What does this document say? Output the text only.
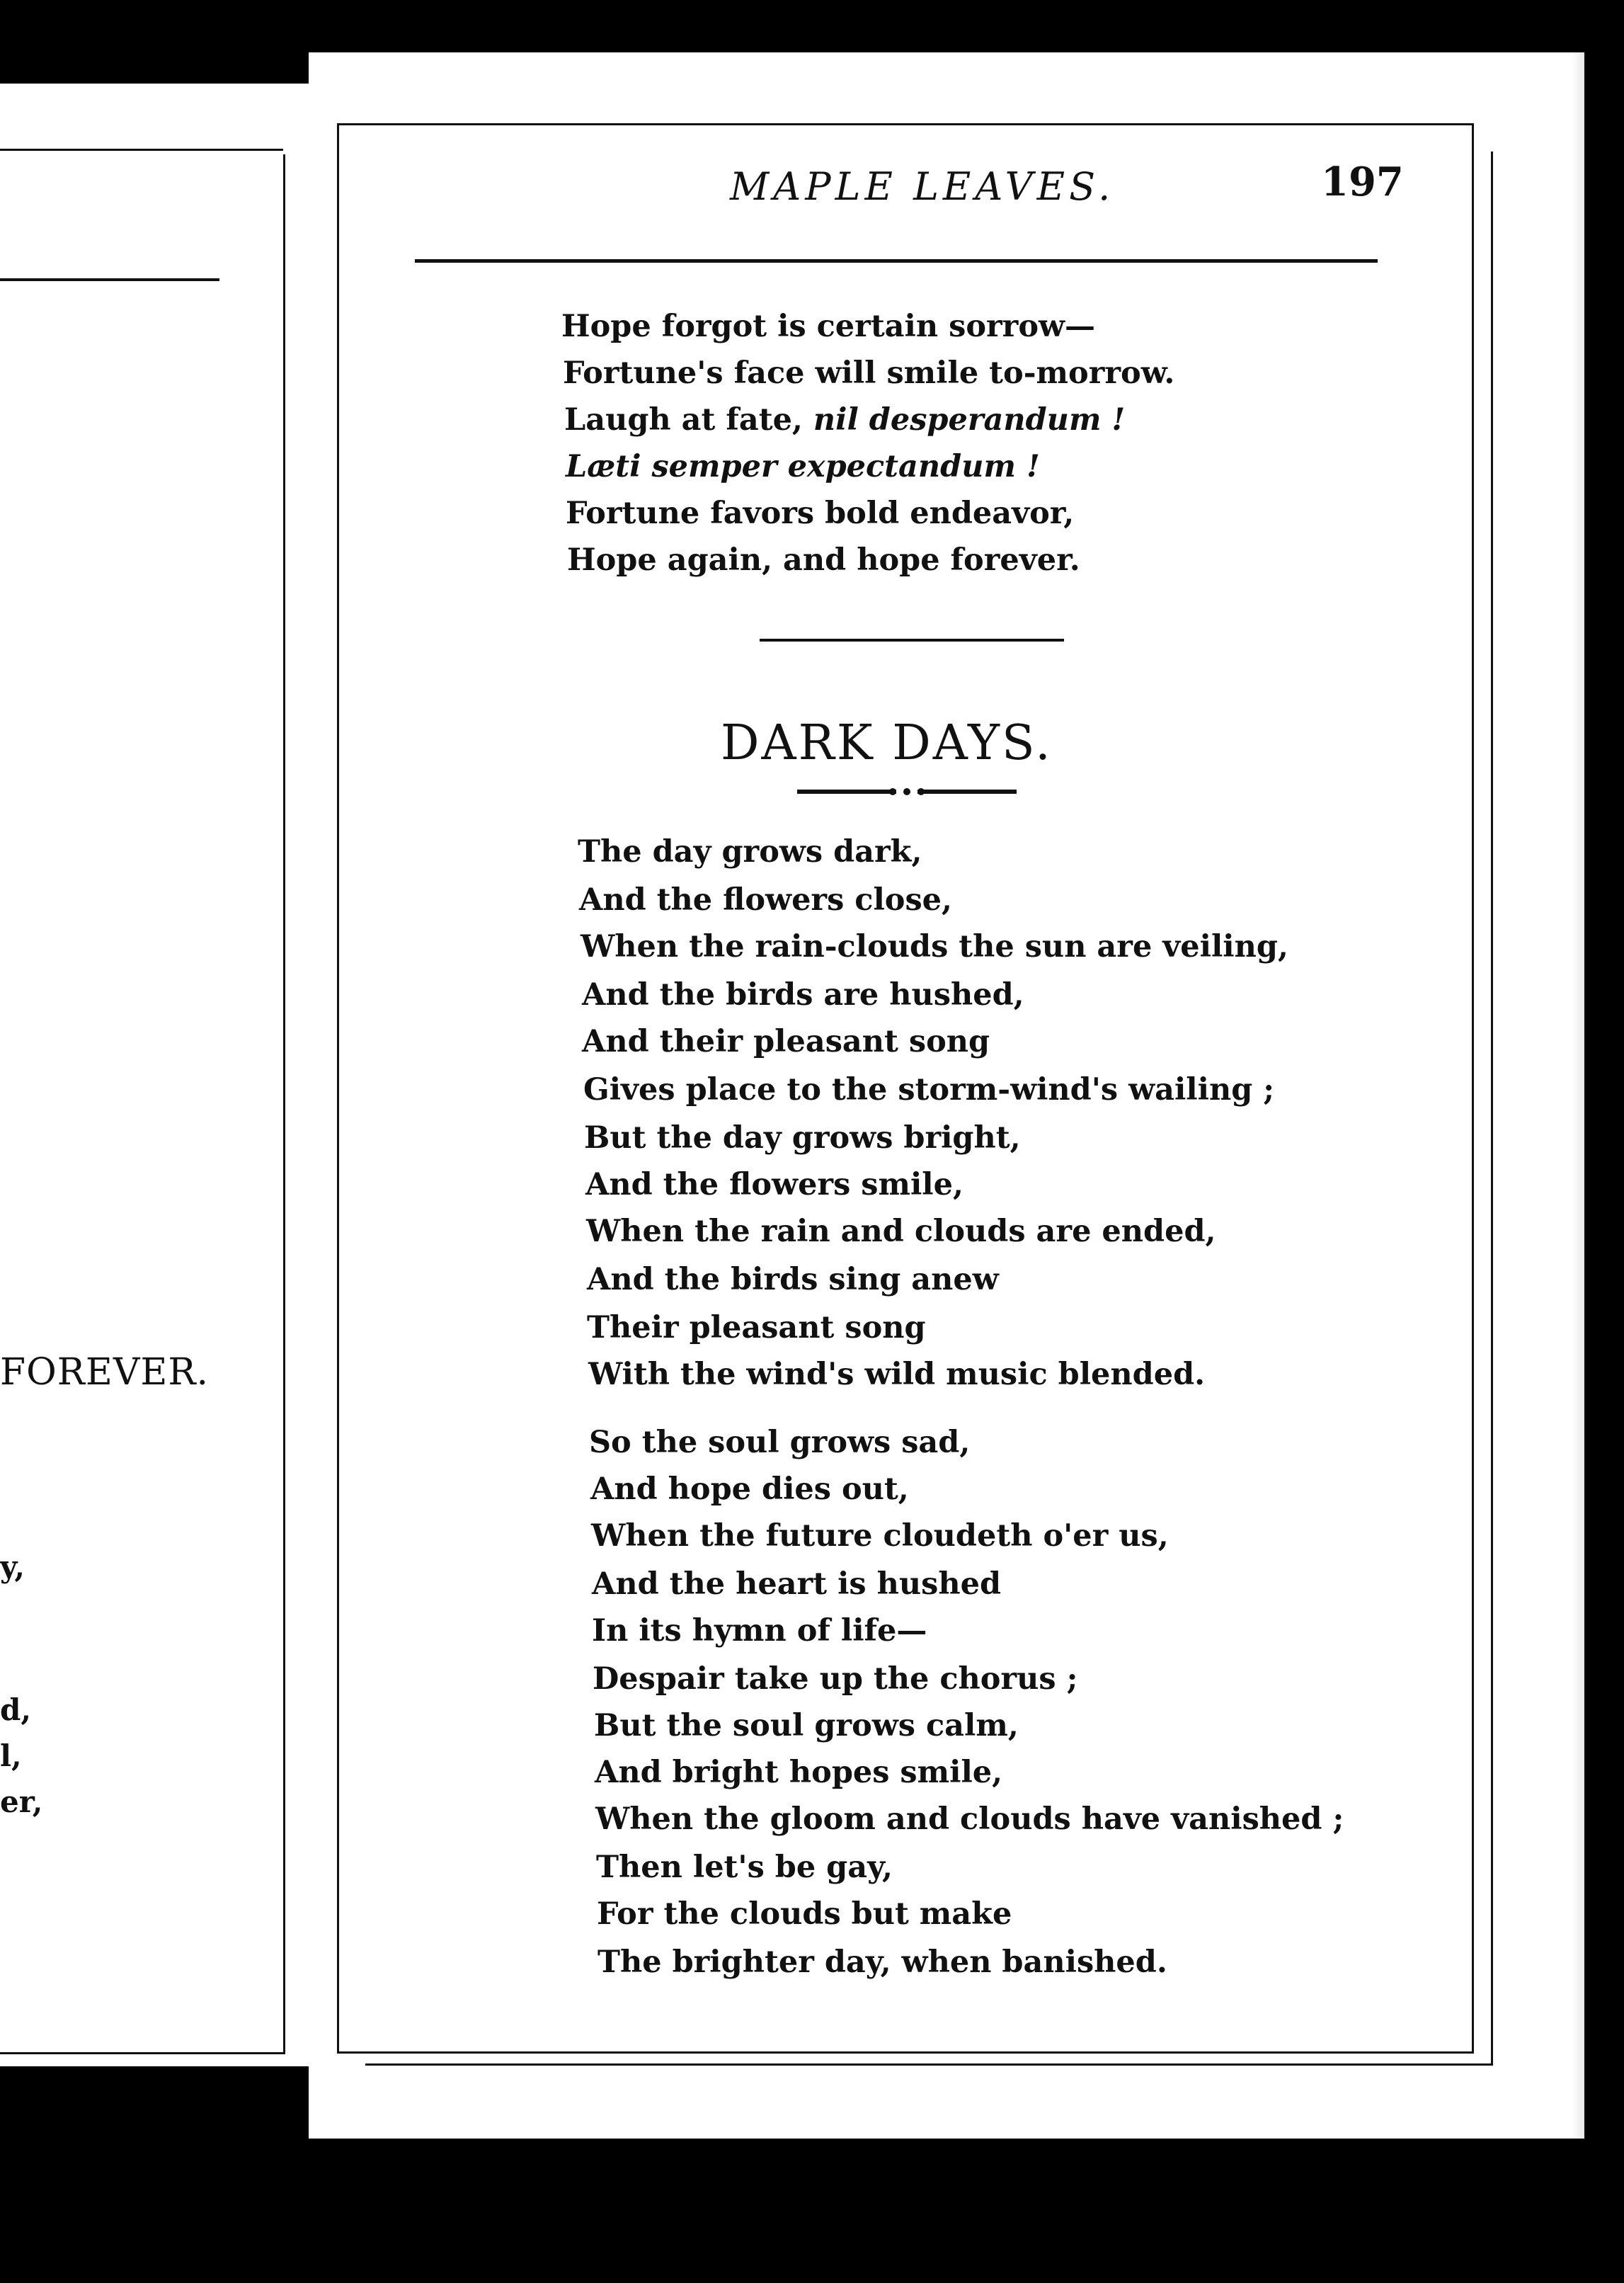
FOREVER.
y,
d,
l,
er,
MAPLE LEAVES.	197
Hope forgot is certain sorrow—
Fortune's face will smile to-morrow.
Laugh at fate, nil desperandum !
Læti semper expectandum !
Fortune favors bold endeavor,
Hope again, and hope forever.
DARK DAYS.
The day grows dark,
And the flowers close,
When the rain-clouds the sun are veiling,
And the birds are hushed,
And their pleasant song
Gives place to the storm-wind's wailing ;
But the day grows bright,
And the flowers smile,
When the rain and clouds are ended,
And the birds sing anew
Their pleasant song
With the wind's wild music blended.
So the soul grows sad,
And hope dies out,
When the future cloudeth o'er us,
And the heart is hushed
In its hymn of life—
Despair take up the chorus ;
But the soul grows calm,
And bright hopes smile,
When the gloom and clouds have vanished ;
Then let's be gay,
For the clouds but make
The brighter day, when banished.
